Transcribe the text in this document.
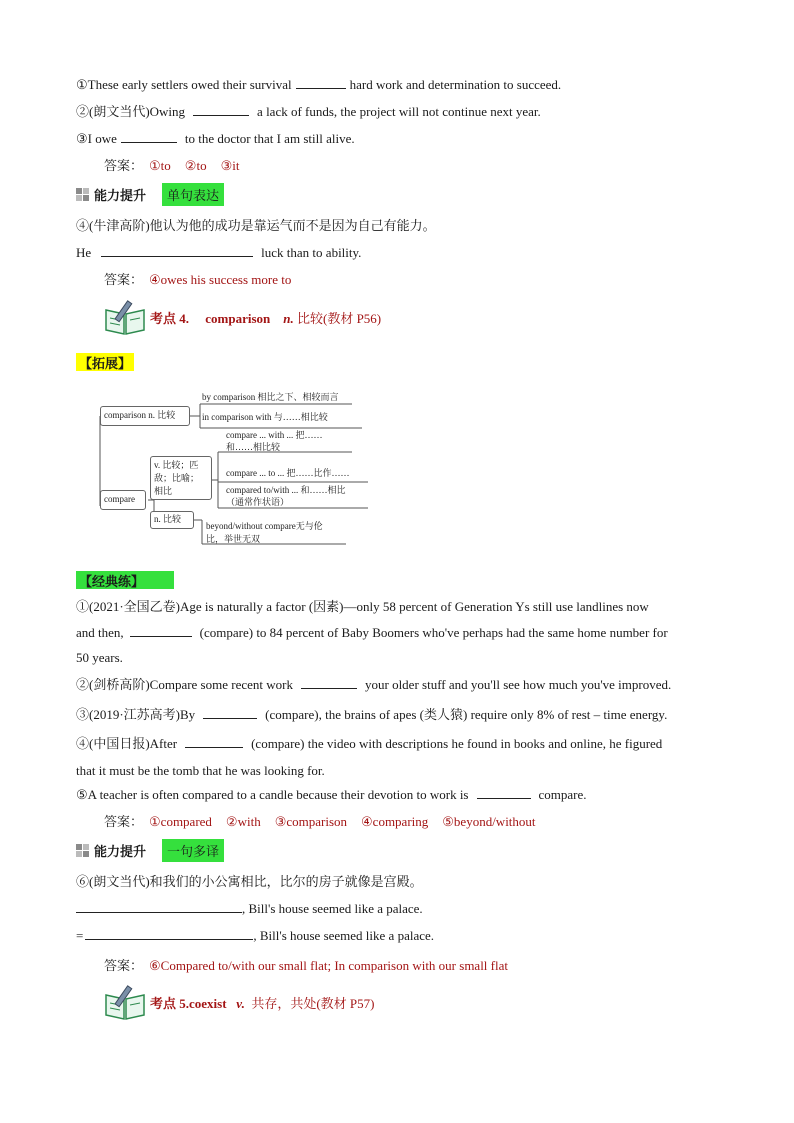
①These early settlers owed their survival	hard work and determination to succeed.
②(朗文当代)Owing	a lack of funds, the project will not continue next year.
③I owe	to the doctor that I am still alive.
答案： ①to ②to ③it
能力提升	单句表达
④(牛津高阶)他认为他的成功是靠运气而不是因为自己有能力。
He	luck than to ability.
答案： ④owes his success more to
考点 4. comparison n. 比较(教材 P56)
【拓展】
comparison n. 比较
by comparison 相比之下、相较而言
in comparison with 与……相比较
compare
v. 比较；匹
敌；比喻；
相比
compare ... with ... 把……
和……相比较
compare ... to ... 把……比作……
compared to/with ... 和……相比
（通常作状语）
n. 比较
beyond/without compare无与伦
比，举世无双
【经典练】
①(2021·全国乙卷)Age is naturally a factor (因素)—only 58 percent of Generation Ys still use landlines now
and then,	(compare) to 84 percent of Baby Boomers who've perhaps had the same home number for
50 years.
②(剑桥高阶)Compare some recent work	your older stuff and you'll see how much you've improved.
③(2019·江苏高考)By	(compare), the brains of apes (类人猿) require only 8% of rest – time energy.
④(中国日报)After	(compare) the video with descriptions he found in books and online, he figured
that it must be the tomb that he was looking for.
⑤A teacher is often compared to a candle because their devotion to work is	compare.
答案： ①compared ②with ③comparison ④comparing ⑤beyond/without
能力提升	一句多译
⑥(朗文当代)和我们的小公寓相比，比尔的房子就像是宫殿。
, Bill's house seemed like a palace.
=	, Bill's house seemed like a palace.
答案： ⑥Compared to/with our small flat; In comparison with our small flat
考点 5.coexist v. 共存，共处(教材 P57)
